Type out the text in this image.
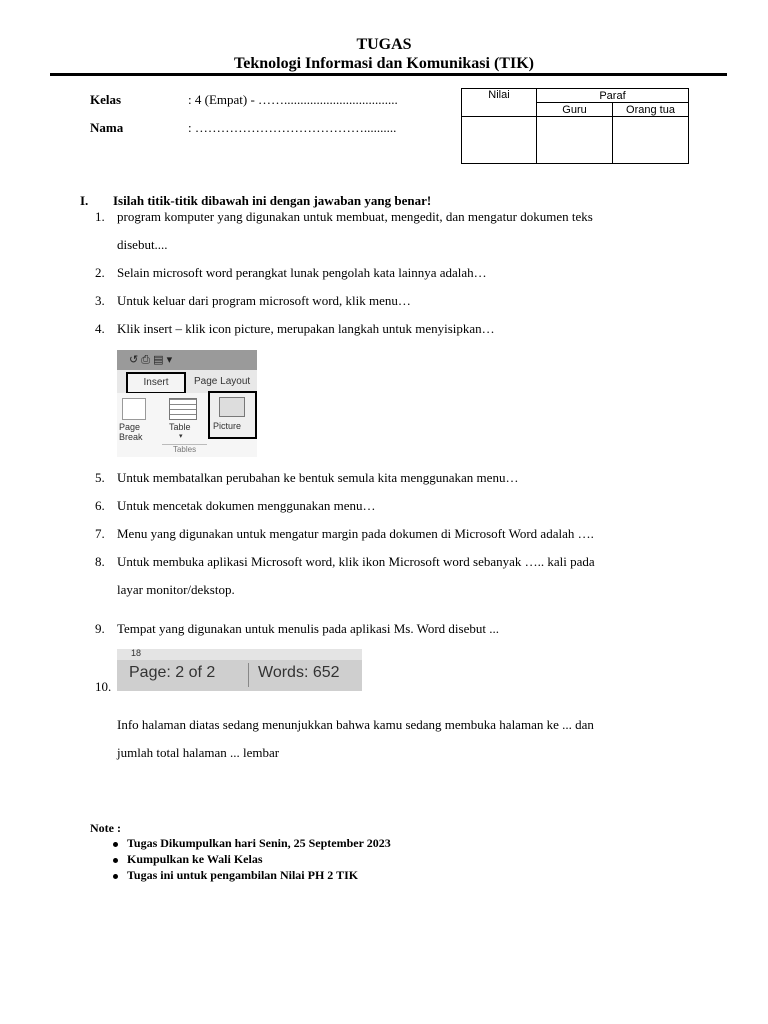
TUGAS
Teknologi Informasi dan Komunikasi (TIK)
Kelas	: 4 (Empat) - ……...................................
Nama	: …………………………………..........
Nilai	Paraf	
	Guru	Orang tua

I. Isilah titik-titik dibawah ini dengan jawaban yang benar!
1. program komputer yang digunakan untuk membuat, mengedit, dan mengatur dokumen teks
disebut....
2. Selain microsoft word perangkat lunak pengolah kata lainnya adalah…
3. Untuk keluar dari program microsoft word, klik menu…
4. Klik insert – klik icon picture, merupakan langkah untuk menyisipkan…
↺ ⎙ ▤ ▾
Insert	Page Layout
Page
Break
Table
▾
Picture
Tables
5. Untuk membatalkan perubahan ke bentuk semula kita menggunakan menu…
6. Untuk mencetak dokumen menggunakan menu…
7. Menu yang digunakan untuk mengatur margin pada dokumen di Microsoft Word adalah ….
8. Untuk membuka aplikasi Microsoft word, klik ikon Microsoft word sebanyak ….. kali pada
layar monitor/dekstop.
9. Tempat yang digunakan untuk menulis pada aplikasi Ms. Word disebut ...
18
Page: 2 of 2	Words: 652
10.
Info halaman diatas sedang menunjukkan bahwa kamu sedang membuka halaman ke ... dan
jumlah total halaman ... lembar
Note :
Tugas Dikumpulkan hari Senin, 25 September 2023
Kumpulkan ke Wali Kelas
Tugas ini untuk pengambilan Nilai PH 2 TIK
